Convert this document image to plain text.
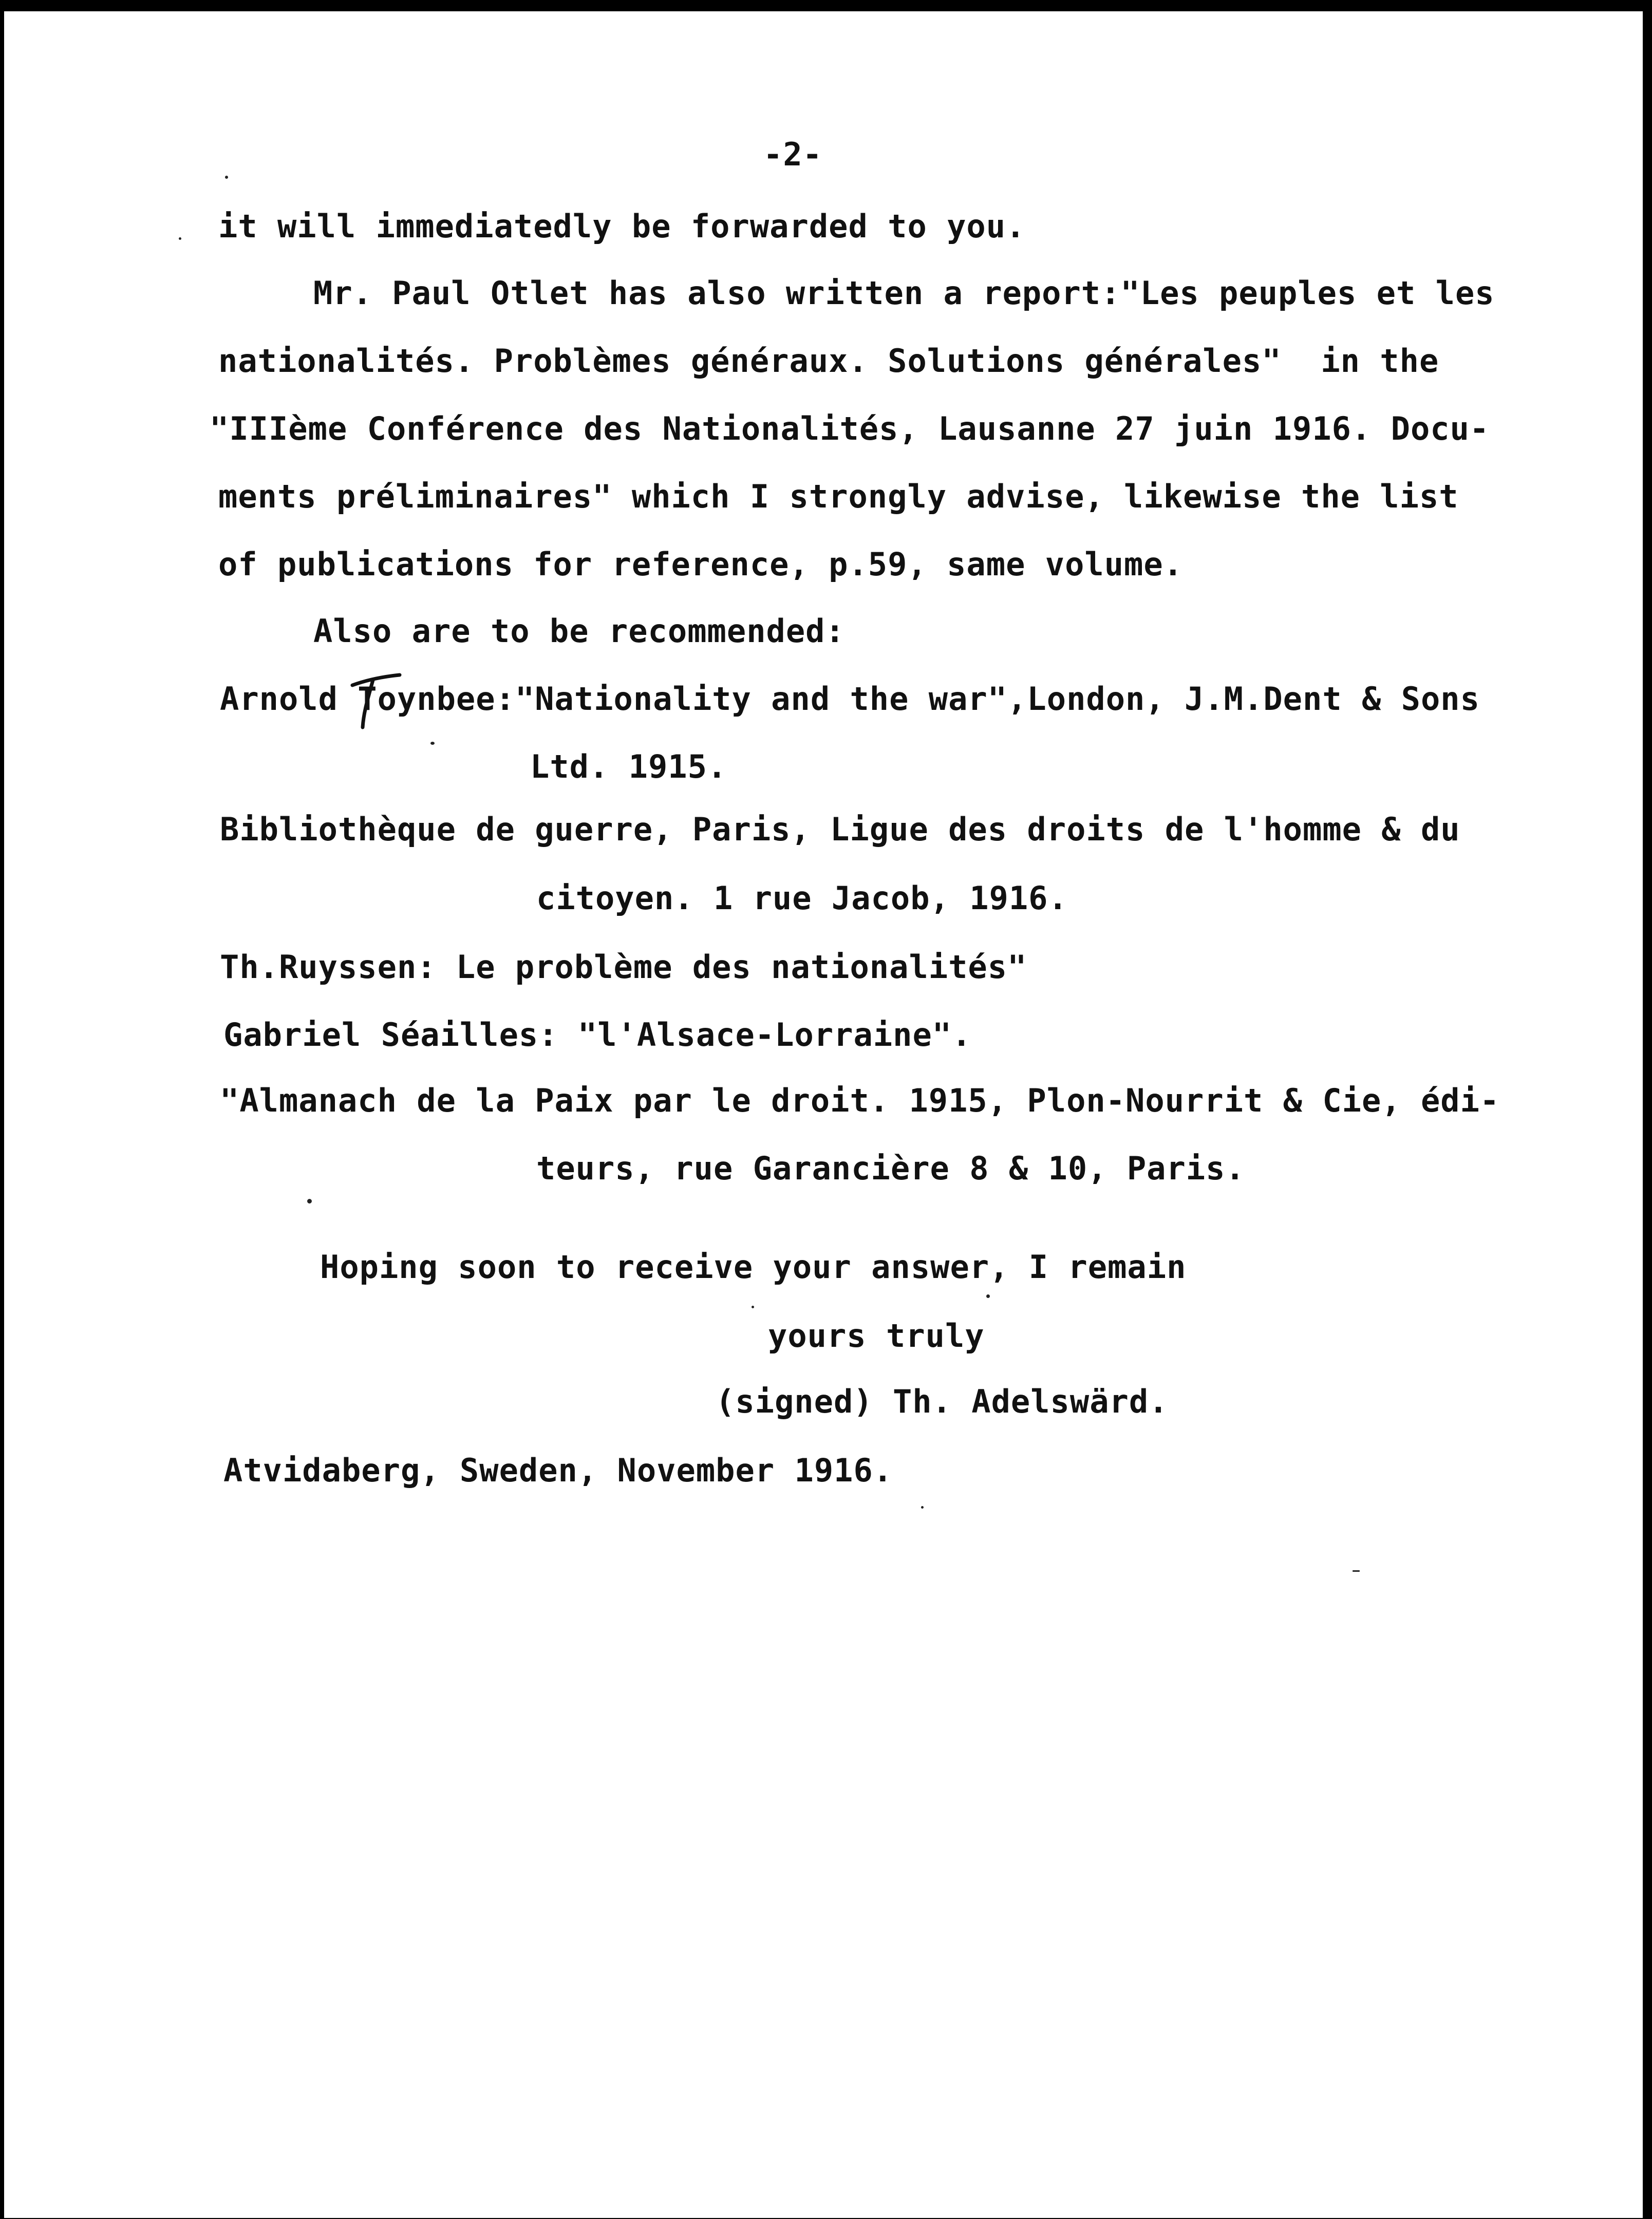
-2-

it will immediatedly be forwarded to you.

Mr. Paul Otlet has also written a report:"Les peuples et les

nationalités. Problèmes généraux. Solutions générales"  in the

"IIIème Conférence des Nationalités, Lausanne 27 juin 1916. Docu-

ments préliminaires" which I strongly advise, likewise the list

of publications for reference, p.59, same volume.

Also are to be recommended:

Arnold Toynbee:"Nationality and the war",London, J.M.Dent & Sons

Ltd. 1915.

Bibliothèque de guerre, Paris, Ligue des droits de l'homme & du

citoyen. 1 rue Jacob, 1916.

Th.Ruyssen: Le problème des nationalités"

Gabriel Séailles: "l'Alsace-Lorraine".

"Almanach de la Paix par le droit. 1915, Plon-Nourrit & Cie, édi-

teurs, rue Garancière 8 & 10, Paris.

Hoping soon to receive your answer, I remain

yours truly

(signed) Th. Adelswärd.

Atvidaberg, Sweden, November 1916.
